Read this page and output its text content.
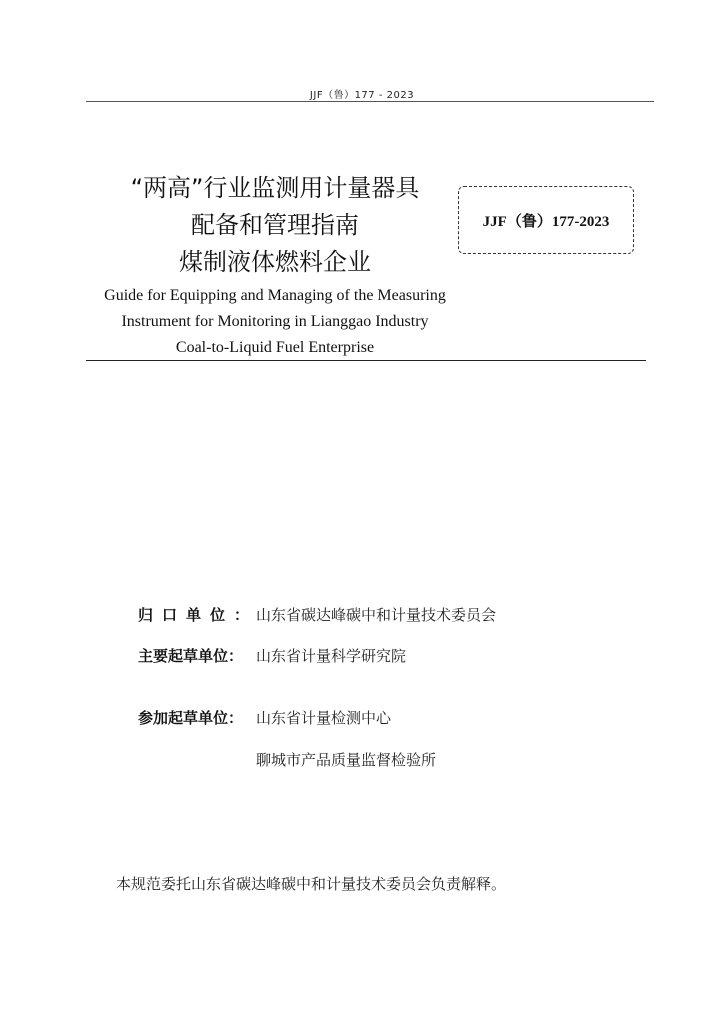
JJF（鲁）177 - 2023
“两高”行业监测用计量器具
配备和管理指南
煤制液体燃料企业
Guide for Equipping and Managing of the Measuring
Instrument for Monitoring in Lianggao Industry
Coal-to-Liquid Fuel Enterprise
JJF（鲁）177-2023
归口单位：
山东省碳达峰碳中和计量技术委员会
主要起草单位： 山东省计量科学研究院
参加起草单位： 山东省计量检测中心
聊城市产品质量监督检验所
本规范委托山东省碳达峰碳中和计量技术委员会负责解释。
